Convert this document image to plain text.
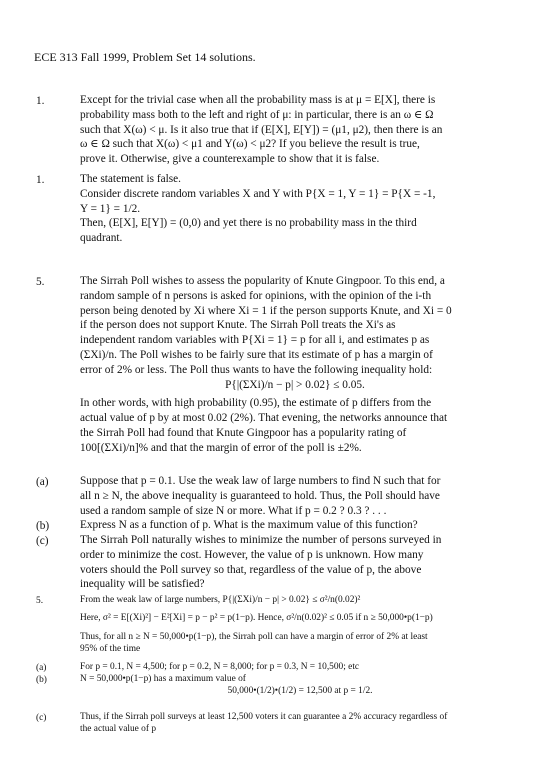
ECE 313 Fall 1999, Problem Set 14 solutions.
1.	Except for the trivial case when all the probability mass is at μ = E[X], there is
probability mass both to the left and right of μ: in particular, there is an ω ∈ Ω
such that X(ω) < μ. Is it also true that if (E[X], E[Y]) = (μ1, μ2), then there is an
ω ∈ Ω such that X(ω) < μ1 and Y(ω) < μ2? If you believe the result is true,
prove it. Otherwise, give a counterexample to show that it is false.
1.	The statement is false.
Consider discrete random variables X and Y with P{X = 1, Y = 1} = P{X = -1,
Y = 1} = 1/2.
Then, (E[X], E[Y]) = (0,0) and yet there is no probability mass in the third
quadrant.
5.	The Sirrah Poll wishes to assess the popularity of Knute Gingpoor. To this end, a
random sample of n persons is asked for opinions, with the opinion of the i-th
person being denoted by Xi where Xi = 1 if the person supports Knute, and Xi = 0
if the person does not support Knute. The Sirrah Poll treats the Xi's as
independent random variables with P{Xi = 1} = p for all i, and estimates p as
(ΣXi)/n. The Poll wishes to be fairly sure that its estimate of p has a margin of
error of 2% or less. The Poll thus wants to have the following inequality hold:
P{|(ΣXi)/n − p| > 0.02} ≤ 0.05.
In other words, with high probability (0.95), the estimate of p differs from the
actual value of p by at most 0.02 (2%). That evening, the networks announce that
the Sirrah Poll had found that Knute Gingpoor has a popularity rating of
100[(ΣXi)/n]% and that the margin of error of the poll is ±2%.
(a)	Suppose that p = 0.1. Use the weak law of large numbers to find N such that for
all n ≥ N, the above inequality is guaranteed to hold. Thus, the Poll should have
used a random sample of size N or more. What if p = 0.2 ? 0.3 ? . . .
(b)	Express N as a function of p. What is the maximum value of this function?
(c)	The Sirrah Poll naturally wishes to minimize the number of persons surveyed in
order to minimize the cost. However, the value of p is unknown. How many
voters should the Poll survey so that, regardless of the value of p, the above
inequality will be satisfied?
5.	From the weak law of large numbers, P{|(ΣXi)/n − p| > 0.02} ≤ σ²/n(0.02)²
Here, σ² = E[(Xi)²] − E²[Xi] = p − p² = p(1−p). Hence, σ²/n(0.02)² ≤ 0.05 if n ≥ 50,000•p(1−p)
Thus, for all n ≥ N = 50,000•p(1−p), the Sirrah poll can have a margin of error of 2% at least
95% of the time
(a)	For p = 0.1, N = 4,500; for p = 0.2, N = 8,000; for p = 0.3, N = 10,500; etc
(b)	N = 50,000•p(1−p) has a maximum value of
50,000•(1/2)•(1/2) = 12,500 at p = 1/2.
(c)	Thus, if the Sirrah poll surveys at least 12,500 voters it can guarantee a 2% accuracy regardless of
the actual value of p
